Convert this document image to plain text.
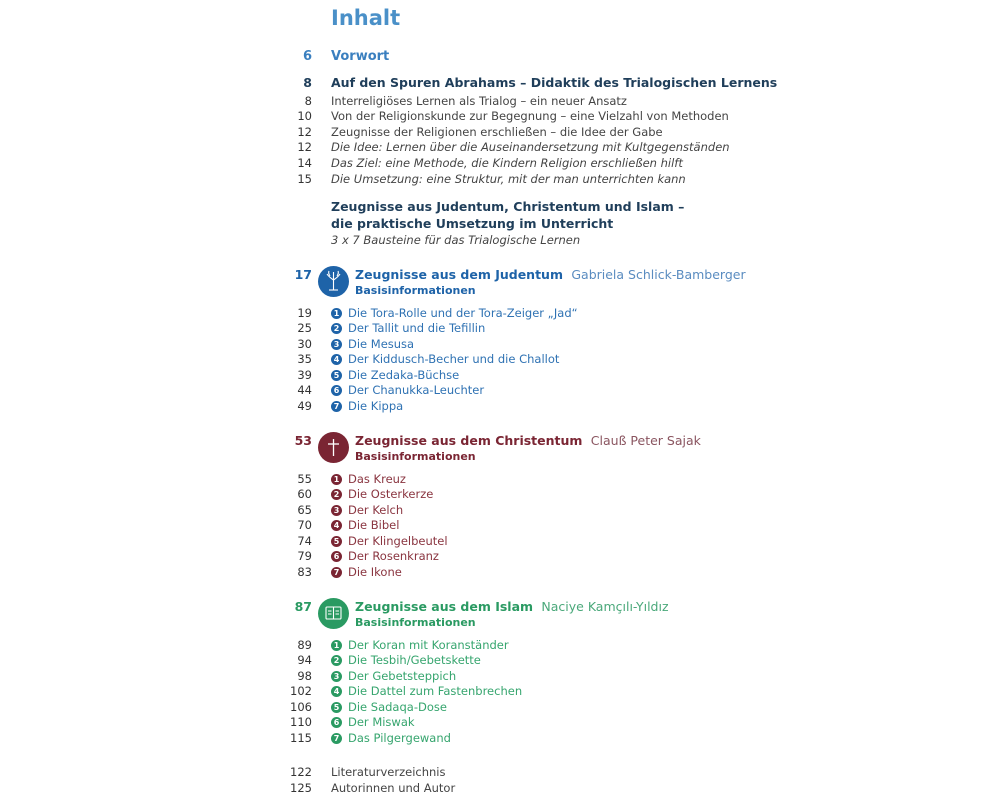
Inhalt
6 Vorwort
8 Auf den Spuren Abrahams – Didaktik des Trialogischen Lernens
8 Interreligiöses Lernen als Trialog – ein neuer Ansatz
10 Von der Religionskunde zur Begegnung – eine Vielzahl von Methoden
12 Zeugnisse der Religionen erschließen – die Idee der Gabe
12 Die Idee: Lernen über die Auseinandersetzung mit Kultgegenständen
14 Das Ziel: eine Methode, die Kindern Religion erschließen hilft
15 Die Umsetzung: eine Struktur, mit der man unterrichten kann
Zeugnisse aus Judentum, Christentum und Islam –
die praktische Umsetzung im Unterricht
3 x 7 Bausteine für das Trialogische Lernen
17	Zeugnisse aus dem Judentum Gabriela Schlick-Bamberger
Basisinformationen
19	1 Die Tora-Rolle und der Tora-Zeiger „Jad“
25	2 Der Tallit und die Tefillin
30	3 Die Mesusa
35	4 Der Kiddusch-Becher und die Challot
39	5 Die Zedaka-Büchse
44	6 Der Chanukka-Leuchter
49	7 Die Kippa
53	Zeugnisse aus dem Christentum Clauß Peter Sajak
Basisinformationen
55	1 Das Kreuz
60	2 Die Osterkerze
65	3 Der Kelch
70	4 Die Bibel
74	5 Der Klingelbeutel
79	6 Der Rosenkranz
83	7 Die Ikone
87	Zeugnisse aus dem Islam Naciye Kamçılı-Yıldız
Basisinformationen
89	1 Der Koran mit Koranständer
94	2 Die Tesbih/Gebetskette
98	3 Der Gebetsteppich
102	4 Die Dattel zum Fastenbrechen
106	5 Die Sadaqa-Dose
110	6 Der Miswak
115	7 Das Pilgergewand
122 Literaturverzeichnis
125 Autorinnen und Autor
